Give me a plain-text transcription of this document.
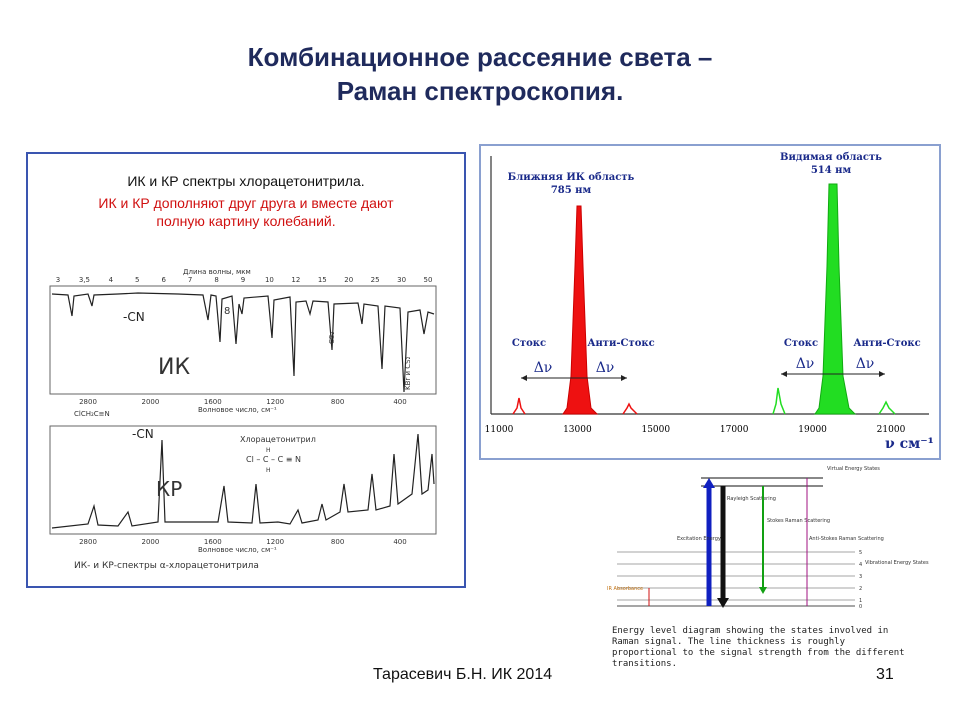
Комбинационное рассеяние света –
Раман спектроскопия.
ИК и КР спектры хлорацетонитрила.
ИК и КР дополняют друг друга и вместе дают
полную картину колебаний.
Длина волны, мкм
3	3,5	4	5	6	7	8	9	10	12	15	20	25	30	50
-CN
ИК
8
CS₂
KBr и CS₂
2800	2000	1600	1200	800	400
Волновое число, см⁻¹
ClCH₂C≡N
-CN
КР
Хлорацетонитрил
H
Cl – C – C ≡ N
H
2800	2000	1600	1200	800	400
Волновое число, см⁻¹
ИК- и КР-спектры α-хлорацетонитрила
Ближняя ИК область
785 нм
Видимая область
514 нм
Стокс	Анти-Стокс	Стокс	Анти-Стокс
Δν	Δν	Δν	Δν
11000	13000	15000	17000	19000	21000
ν см⁻¹
Virtual Energy States
5
4
3
2
1
0
Vibrational Energy States
IR Absorbance
Excitation Energy
Rayleigh Scattering
Stokes Raman Scattering
Anti-Stokes Raman Scattering
Energy level diagram showing the states involved in Raman signal. The line thickness is roughly proportional to the signal strength from the different transitions.
Тарасевич Б.Н. ИК 2014	31
